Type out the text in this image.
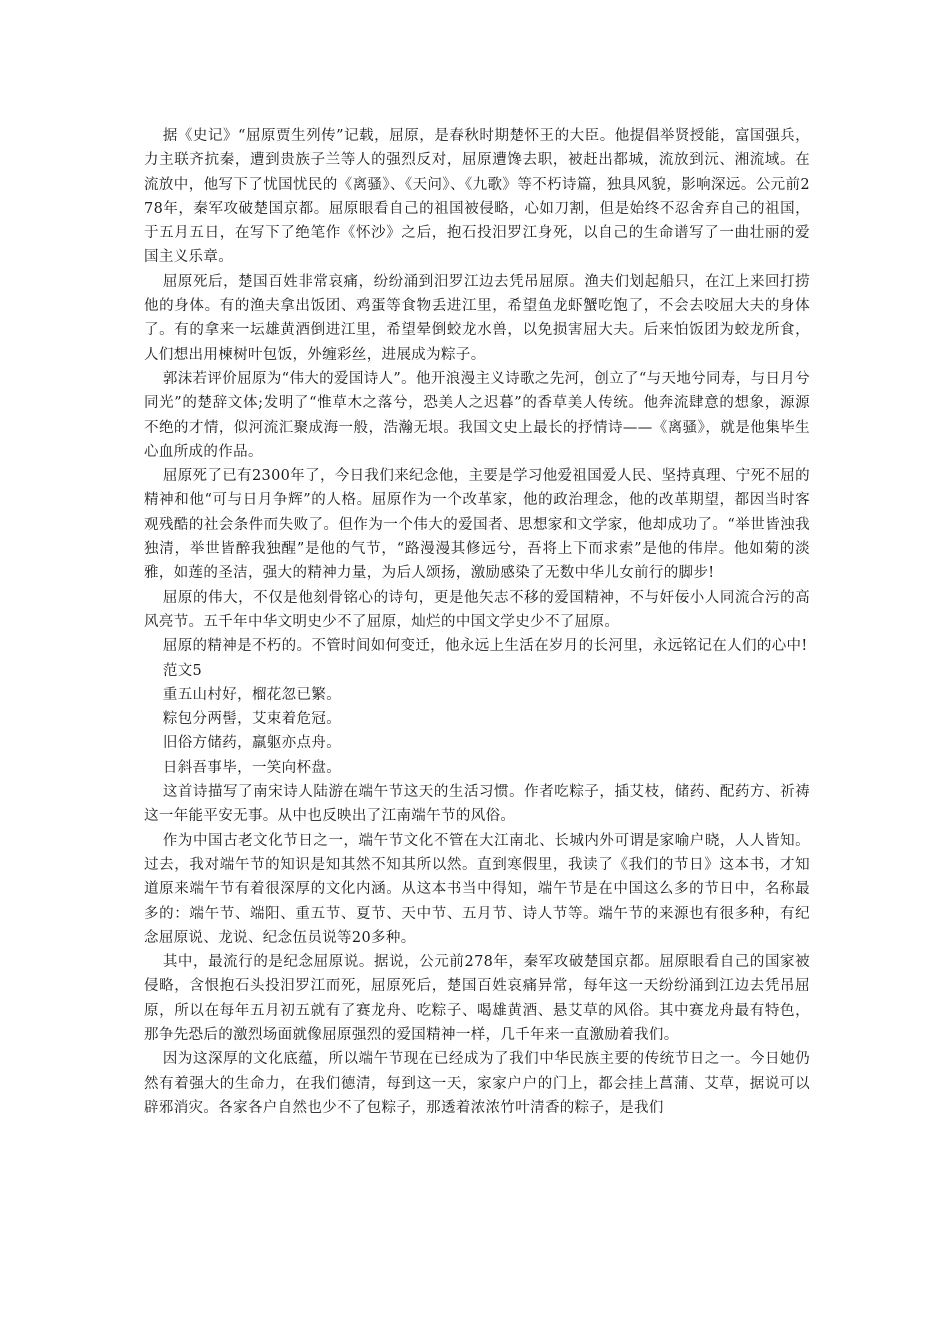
据《史记》“屈原贾生列传”记载，屈原，是春秋时期楚怀王的大臣。他提倡举贤授能，富国强兵，力主联齐抗秦，遭到贵族子兰等人的强烈反对，屈原遭馋去职，被赶出都城，流放到沅、湘流域。在流放中，他写下了忧国忧民的《离骚》、《天问》、《九歌》等不朽诗篇，独具风貌，影响深远。公元前278年，秦军攻破楚国京都。屈原眼看自己的祖国被侵略，心如刀割，但是始终不忍舍弃自己的祖国，于五月五日，在写下了绝笔作《怀沙》之后，抱石投汨罗江身死，以自己的生命谱写了一曲壮丽的爱国主义乐章。

屈原死后，楚国百姓非常哀痛，纷纷涌到汨罗江边去凭吊屈原。渔夫们划起船只，在江上来回打捞他的身体。有的渔夫拿出饭团、鸡蛋等食物丢进江里，希望鱼龙虾蟹吃饱了，不会去咬屈大夫的身体了。有的拿来一坛雄黄酒倒进江里，希望晕倒蛟龙水兽，以免损害屈大夫。后来怕饭团为蛟龙所食，人们想出用楝树叶包饭，外缠彩丝，进展成为粽子。

郭沫若评价屈原为“伟大的爱国诗人”。他开浪漫主义诗歌之先河，创立了“与天地兮同寿，与日月兮同光”的楚辞文体;发明了“惟草木之落兮，恐美人之迟暮”的香草美人传统。他奔流肆意的想象，源源不绝的才情，似河流汇聚成海一般，浩瀚无垠。我国文史上最长的抒情诗——《离骚》，就是他集毕生心血所成的作品。

屈原死了已有2300年了，今日我们来纪念他，主要是学习他爱祖国爱人民、坚持真理、宁死不屈的精神和他“可与日月争辉”的人格。屈原作为一个改革家，他的政治理念，他的改革期望，都因当时客观残酷的社会条件而失败了。但作为一个伟大的爱国者、思想家和文学家，他却成功了。“举世皆浊我独清，举世皆醉我独醒”是他的气节，“路漫漫其修远兮，吾将上下而求索”是他的伟岸。他如菊的淡雅，如莲的圣洁，强大的精神力量，为后人颂扬，激励感染了无数中华儿女前行的脚步!

屈原的伟大，不仅是他刻骨铭心的诗句，更是他矢志不移的爱国精神，不与奸佞小人同流合污的高风亮节。五千年中华文明史少不了屈原，灿烂的中国文学史少不了屈原。

屈原的精神是不朽的。不管时间如何变迁，他永远上生活在岁月的长河里，永远铭记在人们的心中!

范文5

重五山村好，榴花忽已繁。

粽包分两髻，艾束着危冠。

旧俗方储药，羸躯亦点舟。

日斜吾事毕，一笑向杯盘。

这首诗描写了南宋诗人陆游在端午节这天的生活习惯。作者吃粽子，插艾枝，储药、配药方、祈祷这一年能平安无事。从中也反映出了江南端午节的风俗。

作为中国古老文化节日之一，端午节文化不管在大江南北、长城内外可谓是家喻户晓，人人皆知。过去，我对端午节的知识是知其然不知其所以然。直到寒假里，我读了《我们的节日》这本书，才知道原来端午节有着很深厚的文化内涵。从这本书当中得知，端午节是在中国这么多的节日中，名称最多的：端午节、端阳、重五节、夏节、天中节、五月节、诗人节等。端午节的来源也有很多种，有纪念屈原说、龙说、纪念伍员说等20多种。

其中，最流行的是纪念屈原说。据说，公元前278年，秦军攻破楚国京都。屈原眼看自己的国家被侵略，含恨抱石头投汨罗江而死，屈原死后，楚国百姓哀痛异常，每年这一天纷纷涌到江边去凭吊屈原，所以在每年五月初五就有了赛龙舟、吃粽子、喝雄黄酒、悬艾草的风俗。其中赛龙舟最有特色，那争先恐后的激烈场面就像屈原强烈的爱国精神一样，几千年来一直激励着我们。

因为这深厚的文化底蕴，所以端午节现在已经成为了我们中华民族主要的传统节日之一。今日她仍然有着强大的生命力，在我们德清，每到这一天，家家户户的门上，都会挂上菖蒲、艾草，据说可以辟邪消灾。各家各户自然也少不了包粽子，那透着浓浓竹叶清香的粽子，是我们
